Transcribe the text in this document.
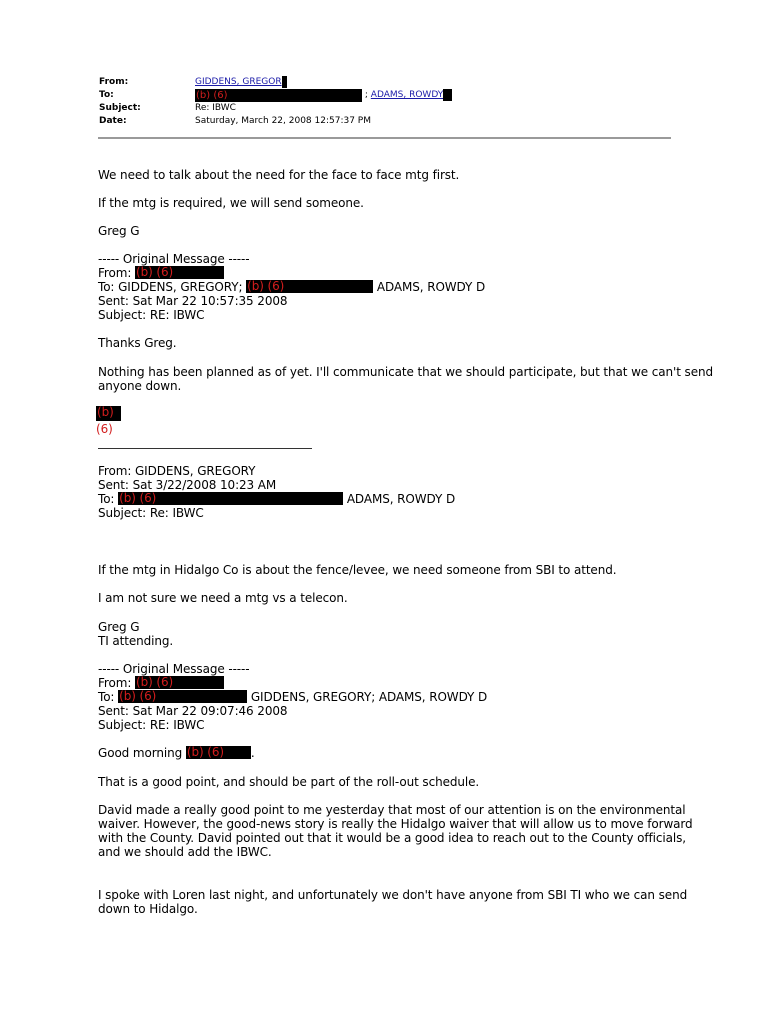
From:	GIDDENS, GREGOR
To:	(b) (6)	; ADAMS, ROWDY
Subject:	Re: IBWC
Date:	Saturday, March 22, 2008 12:57:37 PM
We need to talk about the need for the face to face mtg first.
If the mtg is required, we will send someone.
Greg G
----- Original Message -----
From: (b) (6)
To: GIDDENS, GREGORY; (b) (6)	ADAMS, ROWDY D
Sent: Sat Mar 22 10:57:35 2008
Subject: RE: IBWC
Thanks Greg.
Nothing has been planned as of yet. I'll communicate that we should participate, but that we can't send
anyone down.
(b)
(6)
From: GIDDENS, GREGORY
Sent: Sat 3/22/2008 10:23 AM
To: (b) (6)	ADAMS, ROWDY D
Subject: Re: IBWC
If the mtg in Hidalgo Co is about the fence/levee, we need someone from SBI to attend.
I am not sure we need a mtg vs a telecon.
Greg G
TI attending.
----- Original Message -----
From: (b) (6)
To: (b) (6)	GIDDENS, GREGORY; ADAMS, ROWDY D
Sent: Sat Mar 22 09:07:46 2008
Subject: RE: IBWC
Good morning (b) (6) .
That is a good point, and should be part of the roll-out schedule.
David made a really good point to me yesterday that most of our attention is on the environmental
waiver. However, the good-news story is really the Hidalgo waiver that will allow us to move forward
with the County. David pointed out that it would be a good idea to reach out to the County officials,
and we should add the IBWC.
I spoke with Loren last night, and unfortunately we don't have anyone from SBI TI who we can send
down to Hidalgo.
